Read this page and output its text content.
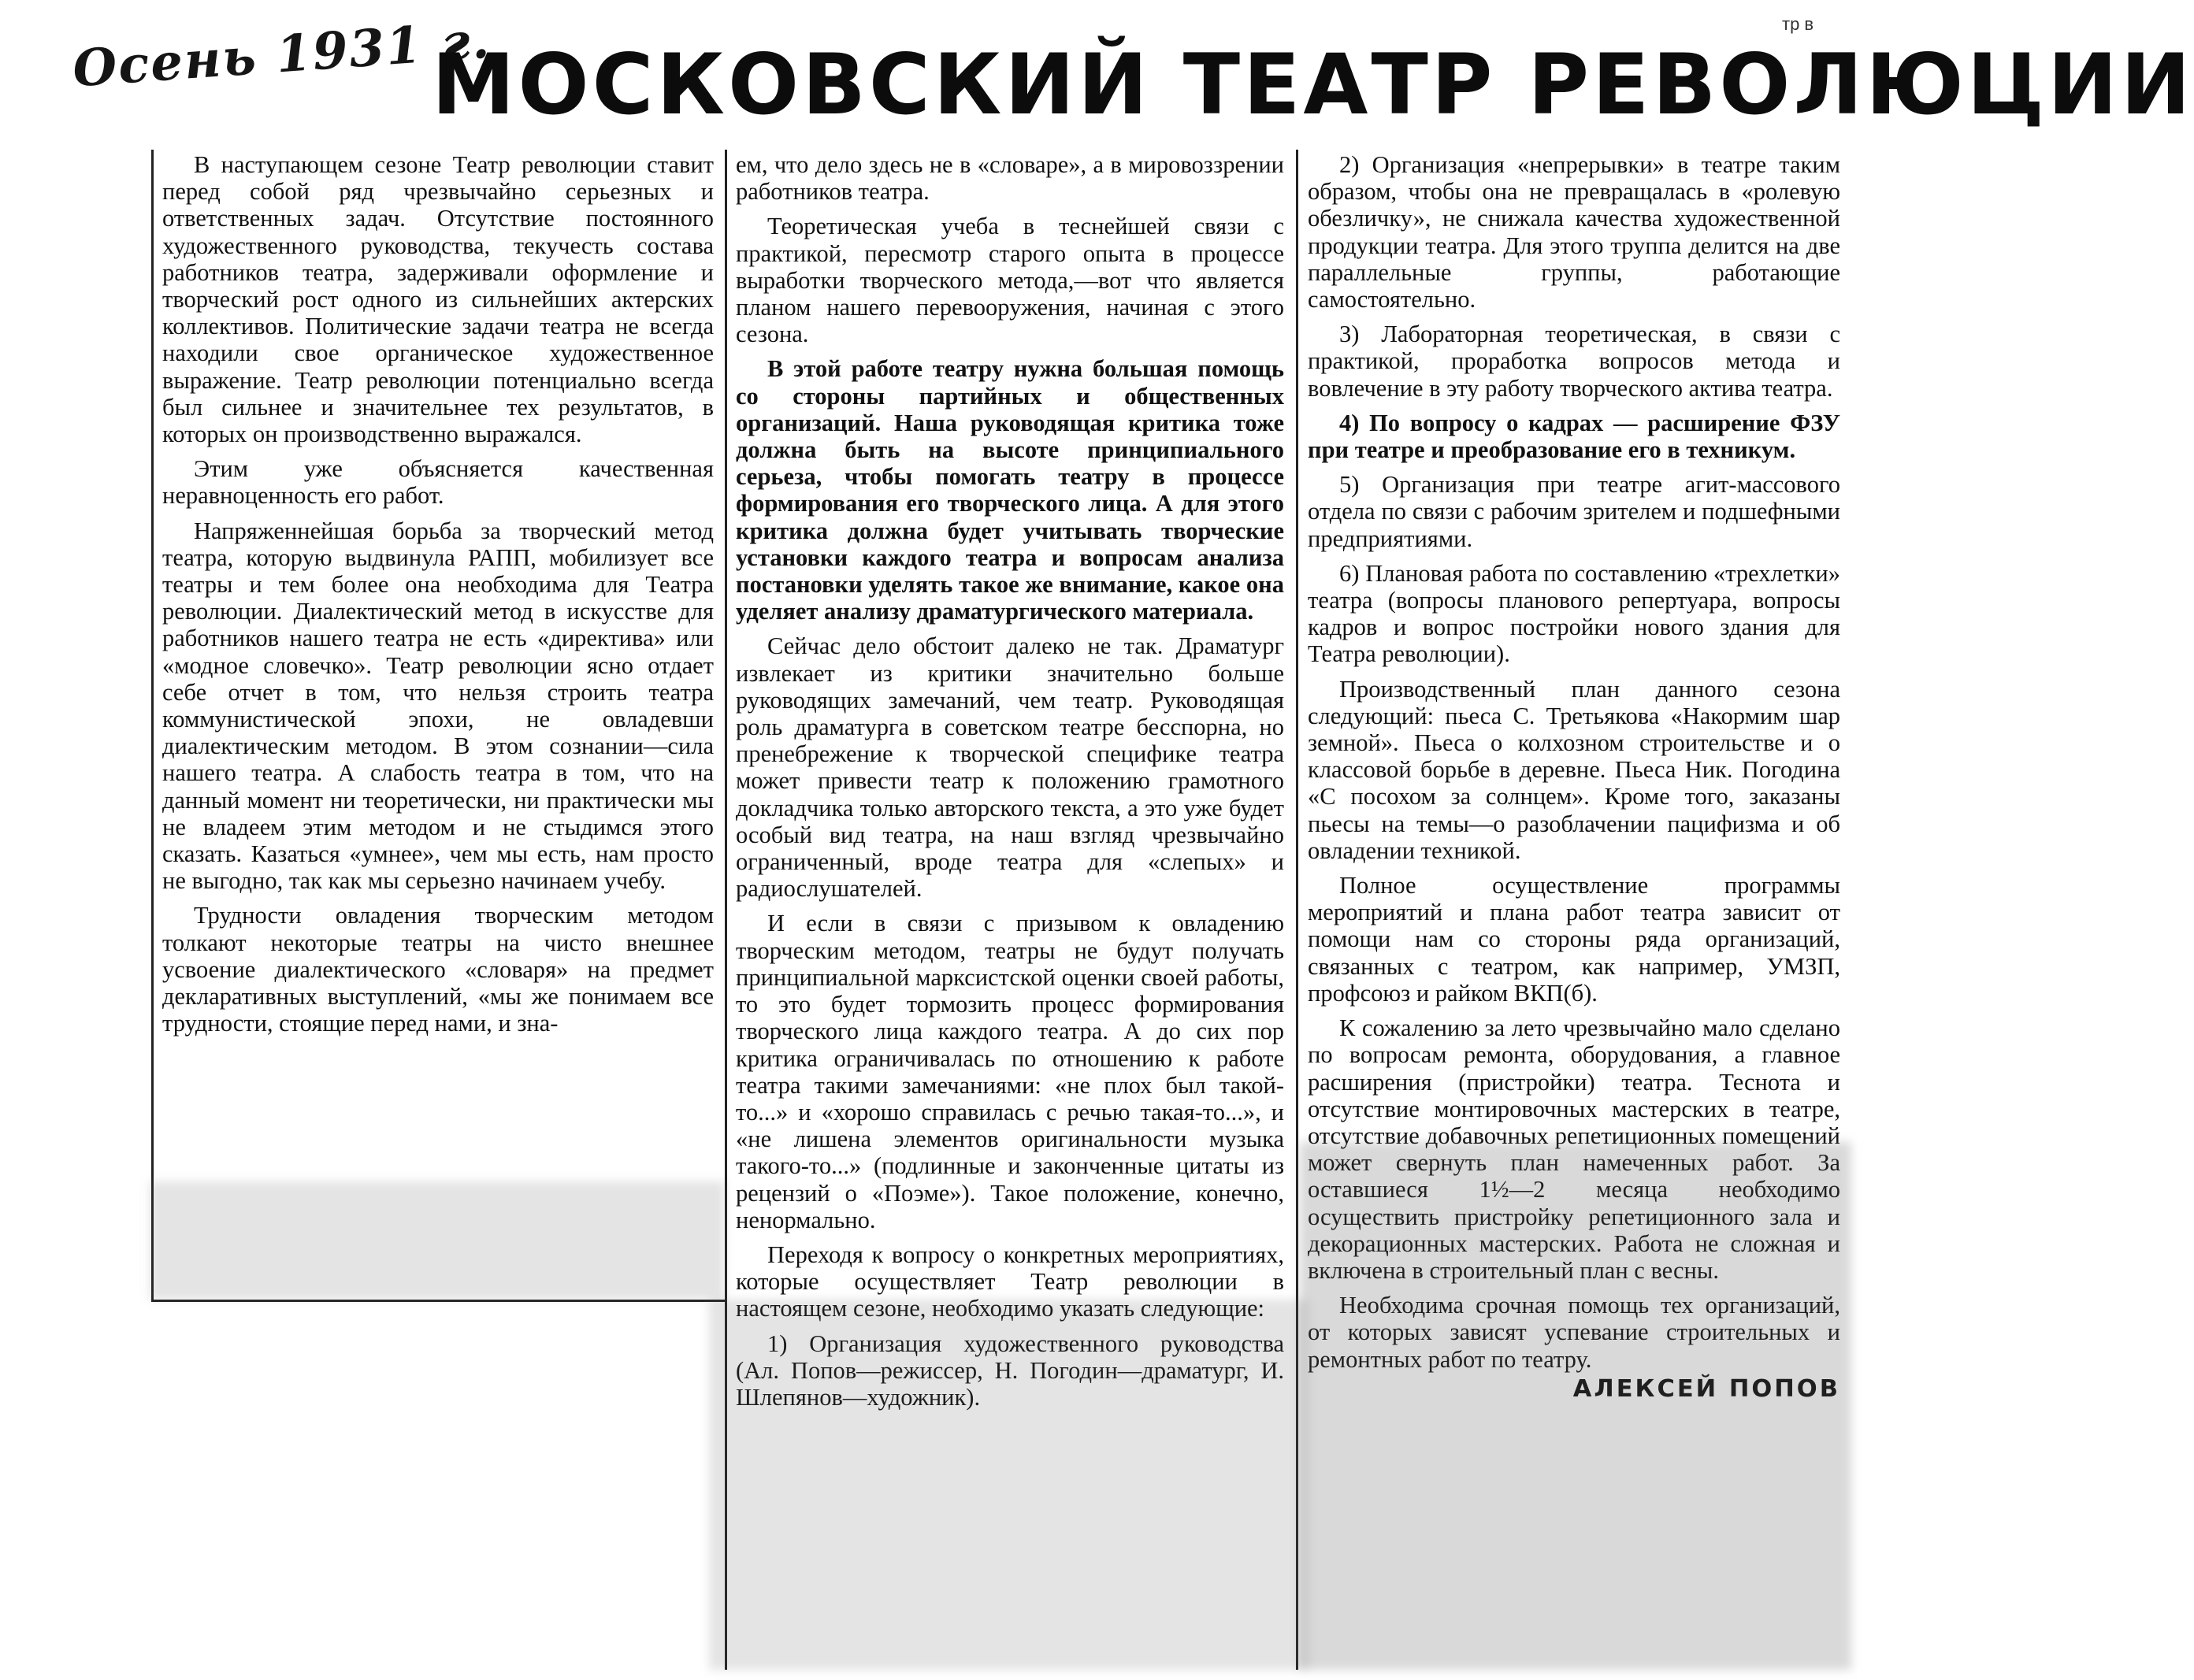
Осень 1931 г.
МОСКОВСКИЙ ТЕАТР РЕВОЛЮЦИИ
тр в

В наступающем сезоне Театр революции ставит перед собой ряд чрезвычайно серьезных и ответственных задач. Отсутствие постоянного художественного руководства, текучесть состава работников театра, задерживали оформление и творческий рост одного из сильнейших актерских коллективов. Политические задачи театра не всегда находили свое органическое художественное выражение. Театр революции потенциально всегда был сильнее и значительнее тех результатов, в которых он производственно выражался.

Этим уже объясняется качественная неравноценность его работ.

Напряженнейшая борьба за творческий метод театра, которую выдвинула РАПП, мобилизует все театры и тем более она необходима для Театра революции. Диалектический метод в искусстве для работников нашего театра не есть «директива» или «модное словечко». Театр революции ясно отдает себе отчет в том, что нельзя строить театра коммунистической эпохи, не овладевши диалектическим методом. В этом сознании—сила нашего театра. А слабость театра в том, что на данный момент ни теоретически, ни практически мы не владеем этим методом и не стыдимся этого сказать. Казаться «умнее», чем мы есть, нам просто не выгодно, так как мы серьезно начинаем учебу.

Трудности овладения творческим методом толкают некоторые театры на чисто внешнее усвоение диалектического «словаря» на предмет декларативных выступлений, «мы же понимаем все трудности, стоящие перед нами, и зна-

ем, что дело здесь не в «словаре», а в мировоззрении работников театра.

Теоретическая учеба в теснейшей связи с практикой, пересмотр старого опыта в процессе выработки творческого метода,—вот что является планом нашего перевооружения, начиная с этого сезона.

В этой работе театру нужна большая помощь со стороны партийных и общественных организаций. Наша руководящая критика тоже должна быть на высоте принципиального серьеза, чтобы помогать театру в процессе формирования его творческого лица. А для этого критика должна будет учитывать творческие установки каждого театра и вопросам анализа постановки уделять такое же внимание, какое она уделяет анализу драматургического материала.

Сейчас дело обстоит далеко не так. Драматург извлекает из критики значительно больше руководящих замечаний, чем театр. Руководящая роль драматурга в советском театре бесспорна, но пренебрежение к творческой специфике театра может привести театр к положению грамотного докладчика только авторского текста, а это уже будет особый вид театра, на наш взгляд чрезвычайно ограниченный, вроде театра для «слепых» и радиослушателей.

И если в связи с призывом к овладению творческим методом, театры не будут получать принципиальной марксистской оценки своей работы, то это будет тормозить процесс формирования творческого лица каждого театра. А до сих пор критика ограничивалась по отношению к работе театра такими замечаниями: «не плох был такой-то...» и «хорошо справилась с речью такая-то...», и «не лишена элементов оригинальности музыка такого-то...» (подлинные и законченные цитаты из рецензий о «Поэме»). Такое положение, конечно, ненормально.

Переходя к вопросу о конкретных мероприятиях, которые осуществляет Театр революции в настоящем сезоне, необходимо указать следующие:

1) Организация художественного руководства (Ал. Попов—режиссер, Н. Погодин—драматург, И. Шлепянов—художник).

2) Организация «непрерывки» в театре таким образом, чтобы она не превращалась в «ролевую обезличку», не снижала качества художественной продукции театра. Для этого труппа делится на две параллельные группы, работающие самостоятельно.

3) Лабораторная теоретическая, в связи с практикой, проработка вопросов метода и вовлечение в эту работу творческого актива театра.

4) По вопросу о кадрах — расширение ФЗУ при театре и преобразование его в техникум.

5) Организация при театре агит-массового отдела по связи с рабочим зрителем и подшефными предприятиями.

6) Плановая работа по составлению «трехлетки» театра (вопросы планового репертуара, вопросы кадров и вопрос постройки нового здания для Театра революции).

Производственный план данного сезона следующий: пьеса С. Третьякова «Накормим шар земной». Пьеса о колхозном строительстве и о классовой борьбе в деревне. Пьеса Ник. Погодина «С посохом за солнцем». Кроме того, заказаны пьесы на темы—о разоблачении пацифизма и об овладении техникой.

Полное осуществление программы мероприятий и плана работ театра зависит от помощи нам со стороны ряда организаций, связанных с театром, как например, УМЗП, профсоюз и райком ВКП(б).

К сожалению за лето чрезвычайно мало сделано по вопросам ремонта, оборудования, а главное расширения (пристройки) театра. Теснота и отсутствие монтировочных мастерских в театре, отсутствие добавочных репетиционных помещений может свернуть план намеченных работ. За оставшиеся 1½—2 месяца необходимо осуществить пристройку репетиционного зала и декорационных мастерских. Работа не сложная и включена в строительный план с весны.

Необходима срочная помощь тех организаций, от которых зависят успевание строительных и ремонтных работ по театру.

АЛЕКСЕЙ ПОПОВ
